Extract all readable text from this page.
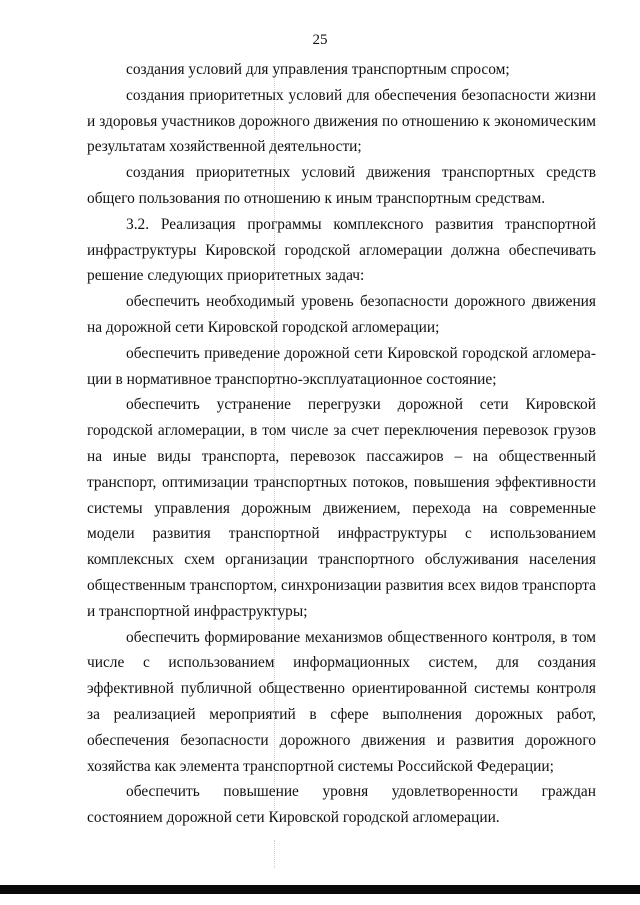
25

создания условий для управления транспортным спросом;

создания приоритетных условий для обеспечения безопасности жизни и здоровья участников дорожного движения по отношению к экономическим результатам хозяйственной деятельности;

создания приоритетных условий движения транспортных средств общего пользования по отношению к иным транспортным средствам.

3.2. Реализация программы комплексного развития транспортной инфраструктуры Кировской городской агломерации должна обеспечивать решение следующих приоритетных задач:

обеспечить необходимый уровень безопасности дорожного движения на дорожной сети Кировской городской агломерации;

обеспечить приведение дорожной сети Кировской городской агломерации в нормативное транспортно-эксплуатационное состояние;

обеспечить устранение перегрузки дорожной сети Кировской городской агломерации, в том числе за счет переключения перевозок грузов на иные виды транспорта, перевозок пассажиров – на общественный транспорт, оптимизации транспортных потоков, повышения эффективности системы управления дорожным движением, перехода на современные модели развития транспортной инфраструктуры с использованием комплексных схем организации транспортного обслуживания населения общественным транспортом, синхронизации развития всех видов транспорта и транспортной инфраструктуры;

обеспечить формирование механизмов общественного контроля, в том числе с использованием информационных систем, для создания эффективной публичной общественно ориентированной системы контроля за реализацией мероприятий в сфере выполнения дорожных работ, обеспечения безопасности дорожного движения и развития дорожного хозяйства как элемента транспортной системы Российской Федерации;

обеспечить повышение уровня удовлетворенности граждан состоянием дорожной сети Кировской городской агломерации.
